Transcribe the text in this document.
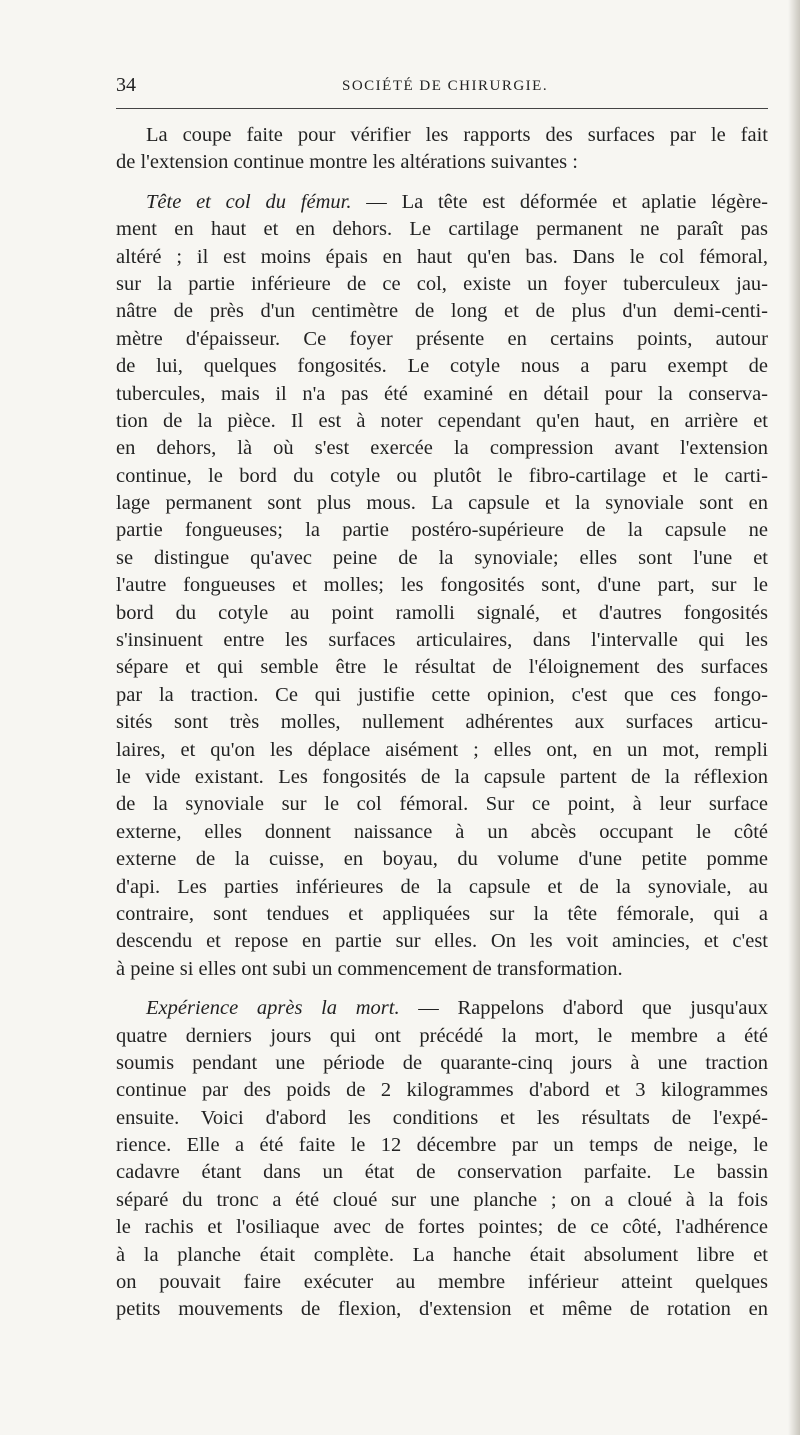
34	SOCIÉTÉ DE CHIRURGIE.

La coupe faite pour vérifier les rapports des surfaces par le fait
de l'extension continue montre les altérations suivantes :

Tête et col du fémur. — La tête est déformée et aplatie légère-
ment en haut et en dehors. Le cartilage permanent ne paraît pas
altéré ; il est moins épais en haut qu'en bas. Dans le col fémoral,
sur la partie inférieure de ce col, existe un foyer tuberculeux jau-
nâtre de près d'un centimètre de long et de plus d'un demi-centi-
mètre d'épaisseur. Ce foyer présente en certains points, autour
de lui, quelques fongosités. Le cotyle nous a paru exempt de
tubercules, mais il n'a pas été examiné en détail pour la conserva-
tion de la pièce. Il est à noter cependant qu'en haut, en arrière et
en dehors, là où s'est exercée la compression avant l'extension
continue, le bord du cotyle ou plutôt le fibro-cartilage et le carti-
lage permanent sont plus mous. La capsule et la synoviale sont en
partie fongueuses; la partie postéro-supérieure de la capsule ne
se distingue qu'avec peine de la synoviale; elles sont l'une et
l'autre fongueuses et molles; les fongosités sont, d'une part, sur le
bord du cotyle au point ramolli signalé, et d'autres fongosités
s'insinuent entre les surfaces articulaires, dans l'intervalle qui les
sépare et qui semble être le résultat de l'éloignement des surfaces
par la traction. Ce qui justifie cette opinion, c'est que ces fongo-
sités sont très molles, nullement adhérentes aux surfaces articu-
laires, et qu'on les déplace aisément ; elles ont, en un mot, rempli
le vide existant. Les fongosités de la capsule partent de la réflexion
de la synoviale sur le col fémoral. Sur ce point, à leur surface
externe, elles donnent naissance à un abcès occupant le côté
externe de la cuisse, en boyau, du volume d'une petite pomme
d'api. Les parties inférieures de la capsule et de la synoviale, au
contraire, sont tendues et appliquées sur la tête fémorale, qui a
descendu et repose en partie sur elles. On les voit amincies, et c'est
à peine si elles ont subi un commencement de transformation.

Expérience après la mort. — Rappelons d'abord que jusqu'aux
quatre derniers jours qui ont précédé la mort, le membre a été
soumis pendant une période de quarante-cinq jours à une traction
continue par des poids de 2 kilogrammes d'abord et 3 kilogrammes
ensuite. Voici d'abord les conditions et les résultats de l'expé-
rience. Elle a été faite le 12 décembre par un temps de neige, le
cadavre étant dans un état de conservation parfaite. Le bassin
séparé du tronc a été cloué sur une planche ; on a cloué à la fois
le rachis et l'osiliaque avec de fortes pointes; de ce côté, l'adhérence
à la planche était complète. La hanche était absolument libre et
on pouvait faire exécuter au membre inférieur atteint quelques
petits mouvements de flexion, d'extension et même de rotation en
